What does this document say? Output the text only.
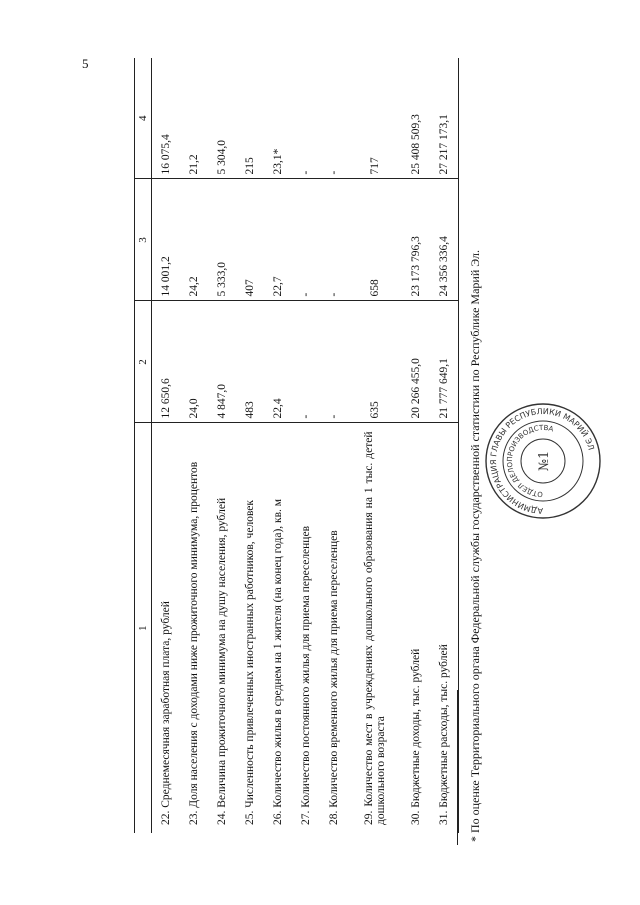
5
1	2	3	4
22. Среднемесячная заработная плата, рублей	12 650,6	14 001,2	16 075,4
23. Доля населения с доходами ниже прожиточного минимума, процентов	24,0	24,2	21,2
24. Величина прожиточного минимума на душу населения, рублей	4 847,0	5 333,0	5 304,0
25. Численность привлеченных иностранных работников, человек	483	407	215
26. Количество жилья в среднем на 1 жителя (на конец года), кв. м	22,4	22,7	23,1*
27. Количество постоянного жилья для приема переселенцев	-	-	-
28. Количество временного жилья для приема переселенцев	-	-	-
29. Количество мест в учреждениях дошкольного образования на 1 тыс. детей дошкольного возраста	635	658	717
30. Бюджетные доходы, тыс. рублей	20 266 455,0	23 173 796,3	25 408 509,3
31. Бюджетные расходы, тыс. рублей	21 777 649,1	24 356 336,4	27 217 173,1
* По оценке Территориального органа Федеральной службы государственной статистики по Республике Марий Эл.	АДМИНИСТРАЦИЯ ГЛАВЫ РЕСПУБЛИКИ МАРИЙ ЭЛ
ОТДЕЛ ДЕЛОПРОИЗВОДСТВА
№1
